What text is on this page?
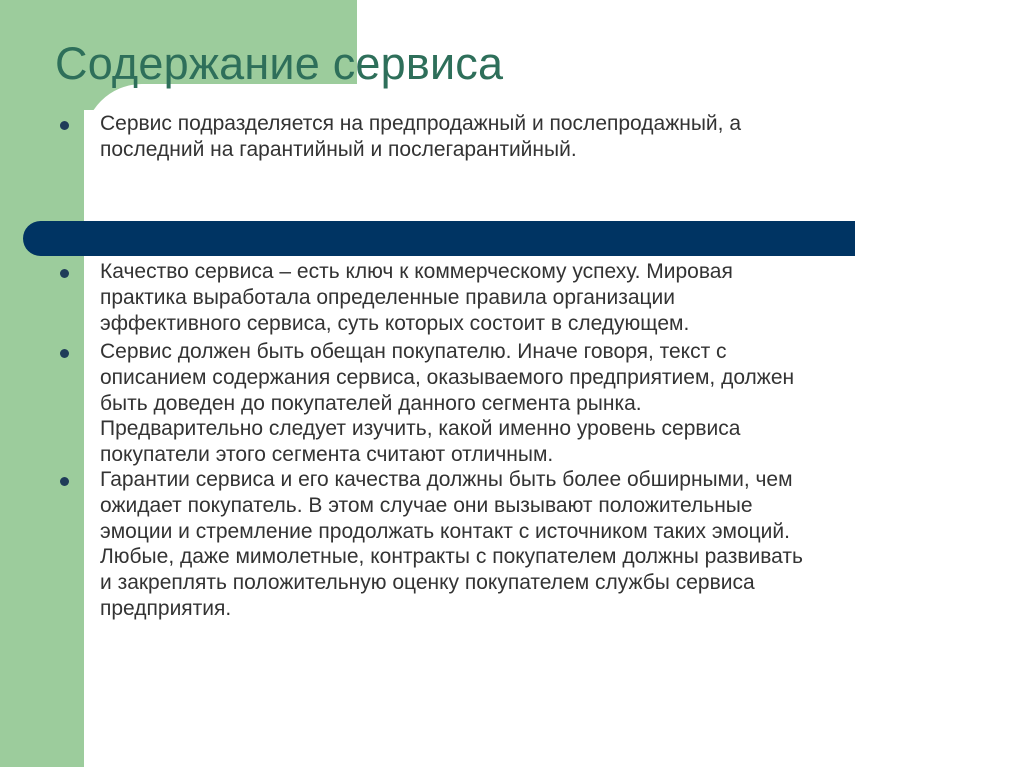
Содержание сервиса
Сервис подразделяется на предпродажный и послепродажный, а
последний на гарантийный и послегарантийный.
Качество сервиса – есть ключ к коммерческому успеху. Мировая
практика выработала определенные правила организации
эффективного сервиса, суть которых состоит в следующем.
Сервис должен быть обещан покупателю. Иначе говоря, текст с
описанием содержания сервиса, оказываемого предприятием, должен
быть доведен до покупателей данного сегмента рынка.
Предварительно следует изучить, какой именно уровень сервиса
покупатели этого сегмента считают отличным.
Гарантии сервиса и его качества должны быть более обширными, чем
ожидает покупатель. В этом случае они вызывают положительные
эмоции и стремление продолжать контакт с источником таких эмоций.
Любые, даже мимолетные, контракты с покупателем должны развивать
и закреплять положительную оценку покупателем службы сервиса
предприятия.
